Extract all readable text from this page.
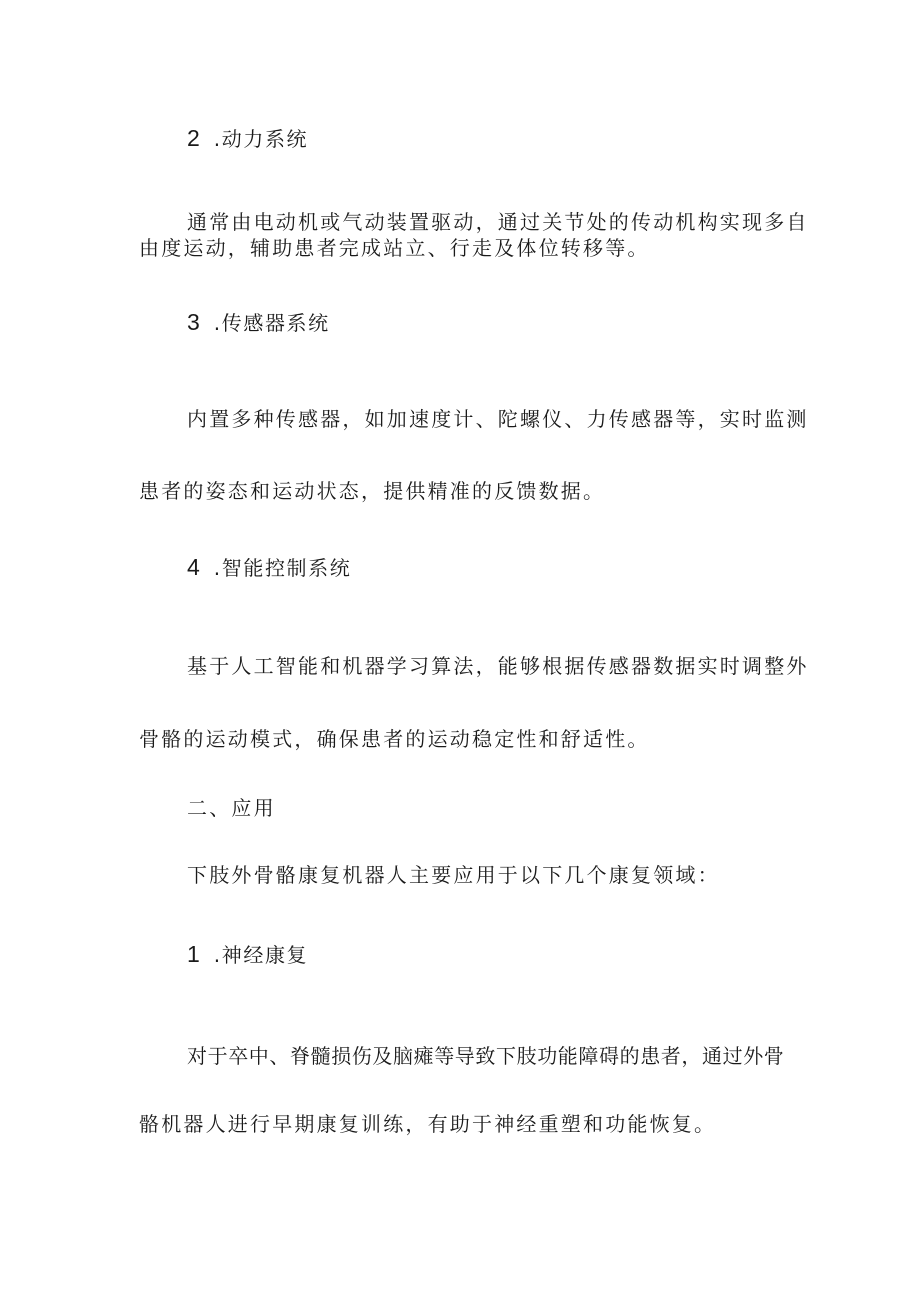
2 .动力系统
通常由电动机或气动装置驱动，通过关节处的传动机构实现多自
由度运动，辅助患者完成站立、行走及体位转移等。
3 .传感器系统
内置多种传感器，如加速度计、陀螺仪、力传感器等，实时监测
患者的姿态和运动状态，提供精准的反馈数据。
4 .智能控制系统
基于人工智能和机器学习算法，能够根据传感器数据实时调整外
骨骼的运动模式，确保患者的运动稳定性和舒适性。
二、应用
下肢外骨骼康复机器人主要应用于以下几个康复领域：
1 .神经康复
对于卒中、脊髓损伤及脑瘫等导致下肢功能障碍的患者，通过外骨
骼机器人进行早期康复训练，有助于神经重塑和功能恢复。
